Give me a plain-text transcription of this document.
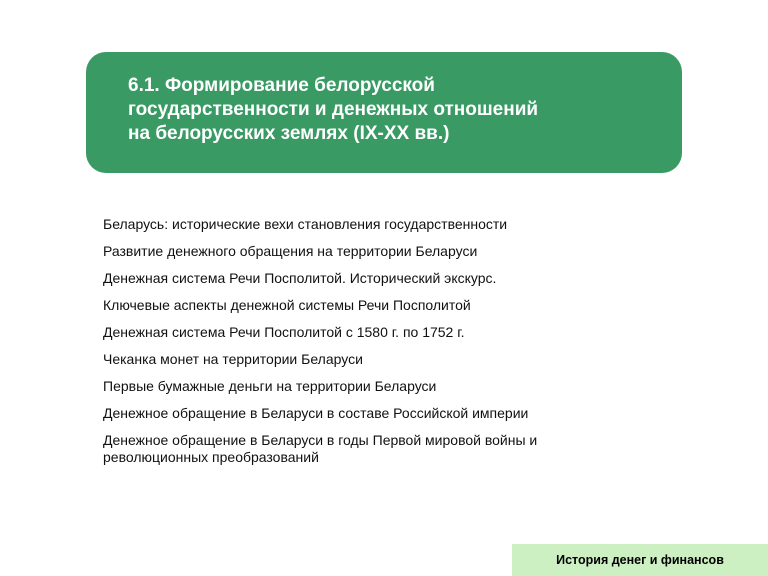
6.1. Формирование белорусской
государственности и денежных отношений
на белорусских землях (IX-XX вв.)
Беларусь: исторические вехи становления государственности
Развитие денежного обращения на территории Беларуси
Денежная система Речи Посполитой. Исторический экскурс.
Ключевые аспекты денежной системы Речи Посполитой
Денежная система Речи Посполитой с 1580 г. по 1752 г.
Чеканка монет на территории Беларуси
Первые бумажные деньги на территории Беларуси
Денежное обращение в Беларуси в составе Российской империи
Денежное обращение в Беларуси в годы Первой мировой войны и
революционных преобразований
История денег и финансов
